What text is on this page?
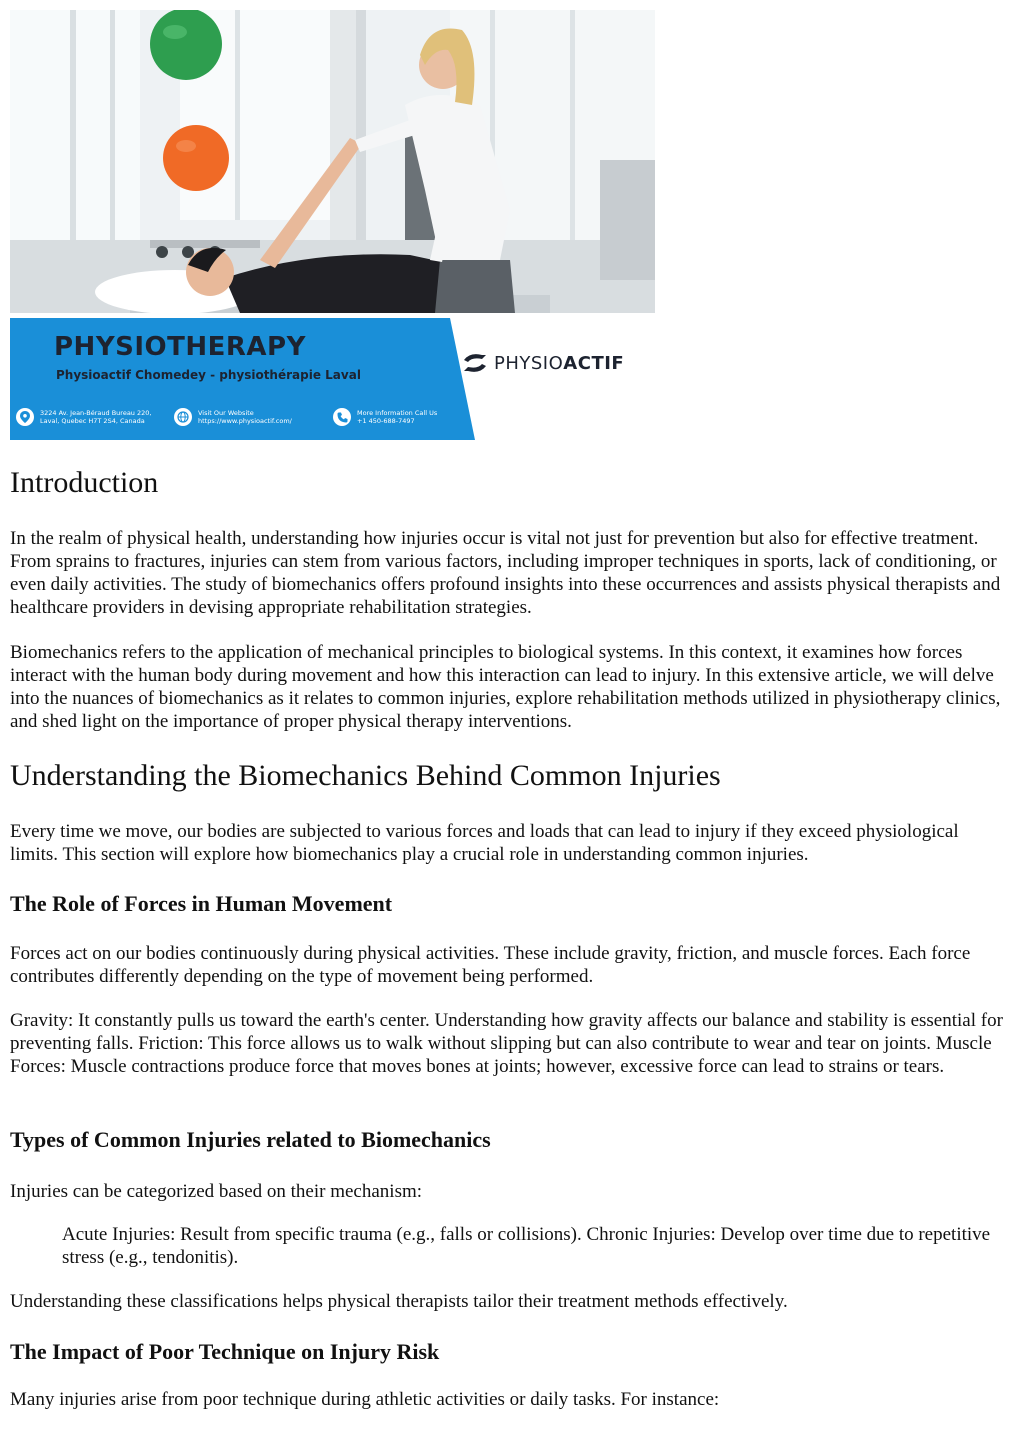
PHYSIOTHERAPY
Physioactif Chomedey - physiothérapie Laval
3224 Av. Jean-Béraud Bureau 220,
Laval, Quebec H7T 2S4, Canada
Visit Our Website
https://www.physioactif.com/
More Information Call Us
+1 450-688-7497
PHYSIOACTIF
Introduction

In the realm of physical health, understanding how injuries occur is vital not just for prevention but also for effective treatment. From sprains to fractures, injuries can stem from various factors, including improper techniques in sports, lack of conditioning, or even daily activities. The study of biomechanics offers profound insights into these occurrences and assists physical therapists and healthcare providers in devising appropriate rehabilitation strategies.

Biomechanics refers to the application of mechanical principles to biological systems. In this context, it examines how forces interact with the human body during movement and how this interaction can lead to injury. In this extensive article, we will delve into the nuances of biomechanics as it relates to common injuries, explore rehabilitation methods utilized in physiotherapy clinics, and shed light on the importance of proper physical therapy interventions.

Understanding the Biomechanics Behind Common Injuries

Every time we move, our bodies are subjected to various forces and loads that can lead to injury if they exceed physiological limits. This section will explore how biomechanics play a crucial role in understanding common injuries.

The Role of Forces in Human Movement

Forces act on our bodies continuously during physical activities. These include gravity, friction, and muscle forces. Each force contributes differently depending on the type of movement being performed.

Gravity: It constantly pulls us toward the earth's center. Understanding how gravity affects our balance and stability is essential for preventing falls. Friction: This force allows us to walk without slipping but can also contribute to wear and tear on joints. Muscle Forces: Muscle contractions produce force that moves bones at joints; however, excessive force can lead to strains or tears.

Types of Common Injuries related to Biomechanics

Injuries can be categorized based on their mechanism:

Acute Injuries: Result from specific trauma (e.g., falls or collisions). Chronic Injuries: Develop over time due to repetitive stress (e.g., tendonitis).

Understanding these classifications helps physical therapists tailor their treatment methods effectively.

The Impact of Poor Technique on Injury Risk

Many injuries arise from poor technique during athletic activities or daily tasks. For instance:
